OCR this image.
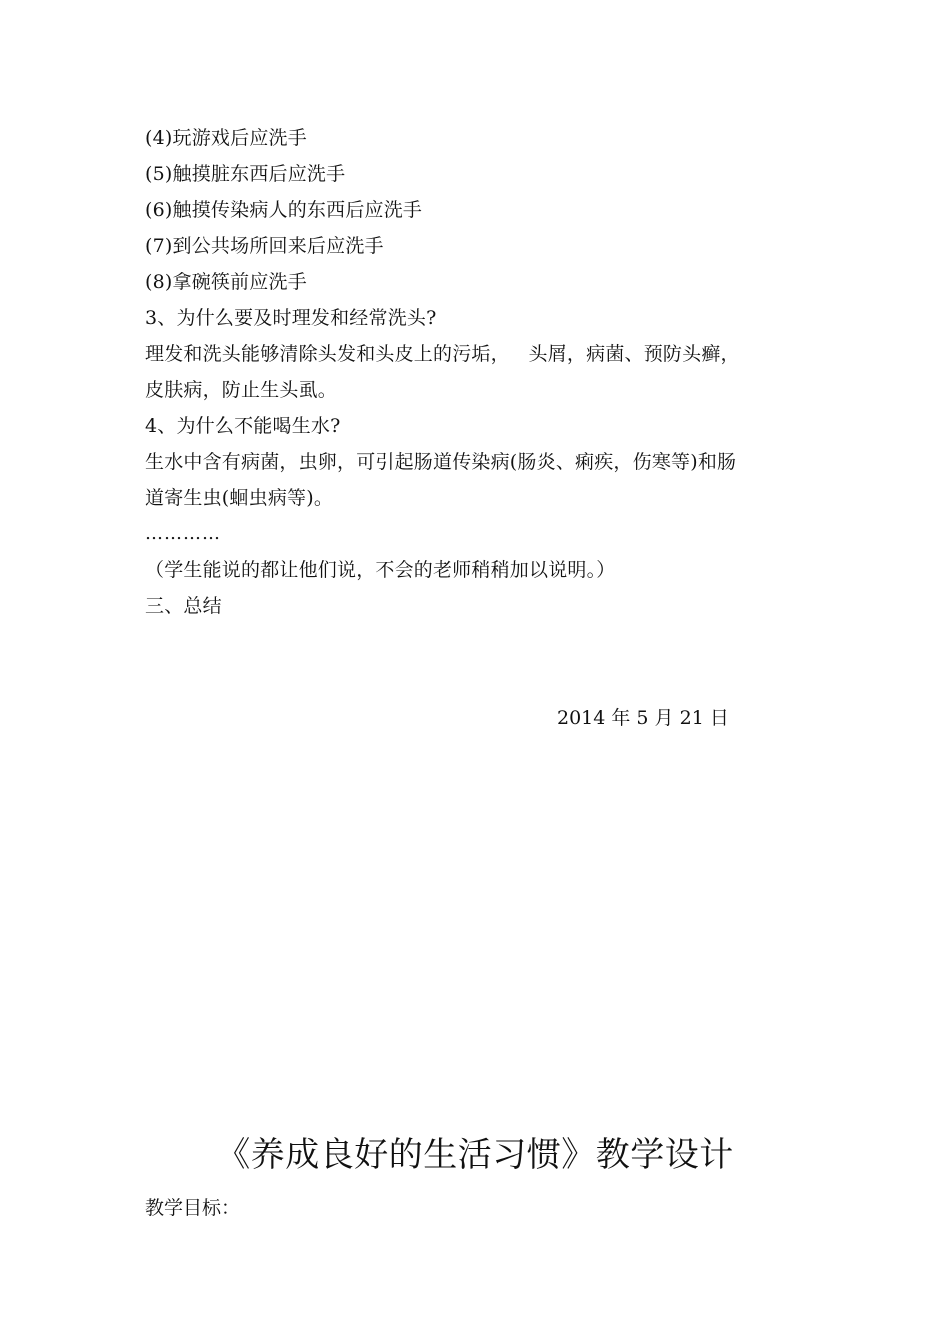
(4)玩游戏后应洗手
(5)触摸脏东西后应洗手
(6)触摸传染病人的东西后应洗手
(7)到公共场所回来后应洗手
(8)拿碗筷前应洗手
3、为什么要及时理发和经常洗头?
理发和洗头能够清除头发和头皮上的污垢，   头屑，病菌、预防头癣，
皮肤病，防止生头虱。
4、为什么不能喝生水?
生水中含有病菌，虫卵，可引起肠道传染病(肠炎、痢疾，伤寒等)和肠
道寄生虫(蛔虫病等)。
…………
（学生能说的都让他们说，不会的老师稍稍加以说明。）
三、总结
2014 年 5 月 21 日
《养成良好的生活习惯》教学设计
教学目标：
